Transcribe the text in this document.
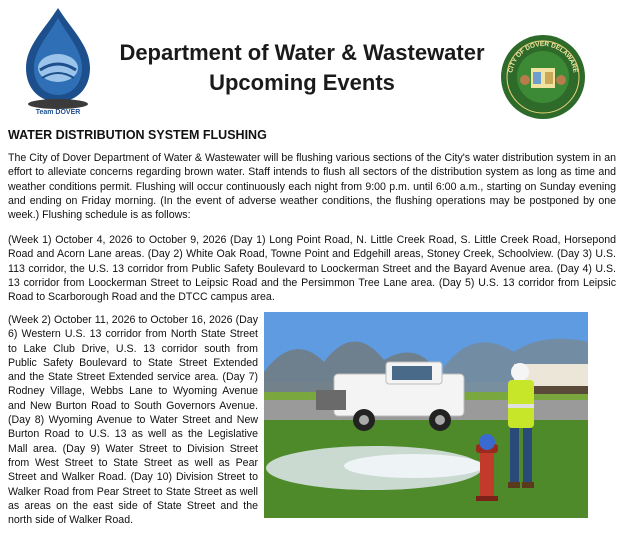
Team DOVER
Department of Water & Wastewater
Upcoming Events	CITY OF DOVER DELAWARE
WATER DISTRIBUTION SYSTEM FLUSHING

The City of Dover Department of Water & Wastewater will be flushing various sections of the City's water distribution system in an effort to alleviate concerns regarding brown water. Staff intends to flush all sectors of the distribution system as long as time and weather conditions permit. Flushing will occur continuously each night from 9:00 p.m. until 6:00 a.m., starting on Sunday evening and ending on Friday morning. (In the event of adverse weather conditions, the flushing operations may be postponed by one week.) Flushing schedule is as follows:

(Week 1) October 4, 2026 to October 9, 2026 (Day 1) Long Point Road, N. Little Creek Road, S. Little Creek Road, Horsepond Road and Acorn Lane areas. (Day 2) White Oak Road, Towne Point and Edgehill areas, Stoney Creek, Schoolview. (Day 3) U.S. 113 corridor, the U.S. 13 corridor from Public Safety Boulevard to Loockerman Street and the Bayard Avenue area. (Day 4) U.S. 13 corridor from Loockerman Street to Leipsic Road and the Persimmon Tree Lane area. (Day 5) U.S. 13 corridor from Leipsic Road to Scarborough Road and the DTCC campus area.

(Week 2) October 11, 2026 to October 16, 2026 (Day 6) Western U.S. 13 corridor from North State Street to Lake Club Drive, U.S. 13 corridor south from Public Safety Boulevard to State Street Extended and the State Street Extended service area. (Day 7) Rodney Village, Webbs Lane to Wyoming Avenue and New Burton Road to South Governors Avenue. (Day 8) Wyoming Avenue to Water Street and New Burton Road to U.S. 13 as well as the Legislative Mall area. (Day 9) Water Street to Division Street from West Street to State Street as well as Pear Street and Walker Road. (Day 10) Division Street to Walker Road from Pear Street to State Street as well as areas on the east side of State Street and the north side of Walker Road.
